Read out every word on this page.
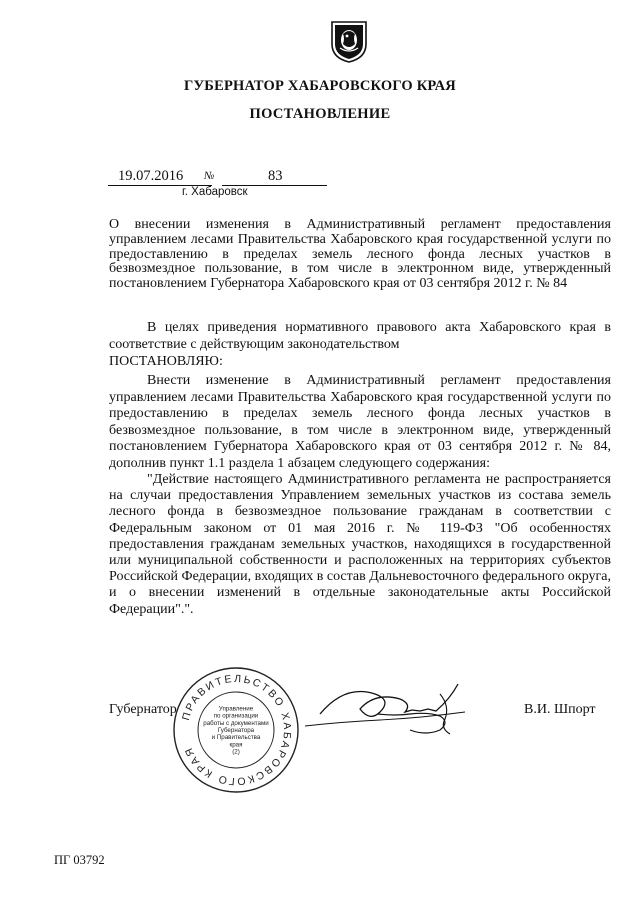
ГУБЕРНАТОР ХАБАРОВСКОГО КРАЯ
ПОСТАНОВЛЕНИЕ
19.07.2016	№	83
г. Хабаровск
О внесении изменения в Административный регламент предоставления управлением лесами Правительства Хабаровского края государственной услуги по предоставлению в пределах земель лесного фонда лесных участков в безвозмездное пользование, в том числе в электронном виде, утвержденный постановлением Губернатора Хабаровского края от 03 сентября 2012 г. № 84
В целях приведения нормативного правового акта Хабаровского края в соответствие с действующим законодательством
ПОСТАНОВЛЯЮ:
Внести изменение в Административный регламент предоставления управлением лесами Правительства Хабаровского края государственной услуги по предоставлению в пределах земель лесного фонда лесных участков в безвозмездное пользование, в том числе в электронном виде, утвержденный постановлением Губернатора Хабаровского края от 03 сентября 2012 г. № 84, дополнив пункт 1.1 раздела 1 абзацем следующего содержания:
"Действие настоящего Административного регламента не распространяется на случаи предоставления Управлением земельных участков из состава земель лесного фонда в безвозмездное пользование гражданам в соответствии с Федеральным законом от 01 мая 2016 г. № 119-ФЗ "Об особенностях предоставления гражданам земельных участков, находящихся в государственной или муниципальной собственности и расположенных на территориях субъектов Российской Федерации, входящих в состав Дальневосточного федерального округа, и о внесении изменений в отдельные законодательные акты Российской Федерации".".
Губернатор	В.И. Шпорт
ПРАВИТЕЛЬСТВО ХАБАРОВСКОГО КРАЯ
Управление
по организации
работы с документами
Губернатора
и Правительства
края
(2)
ПГ 03792
